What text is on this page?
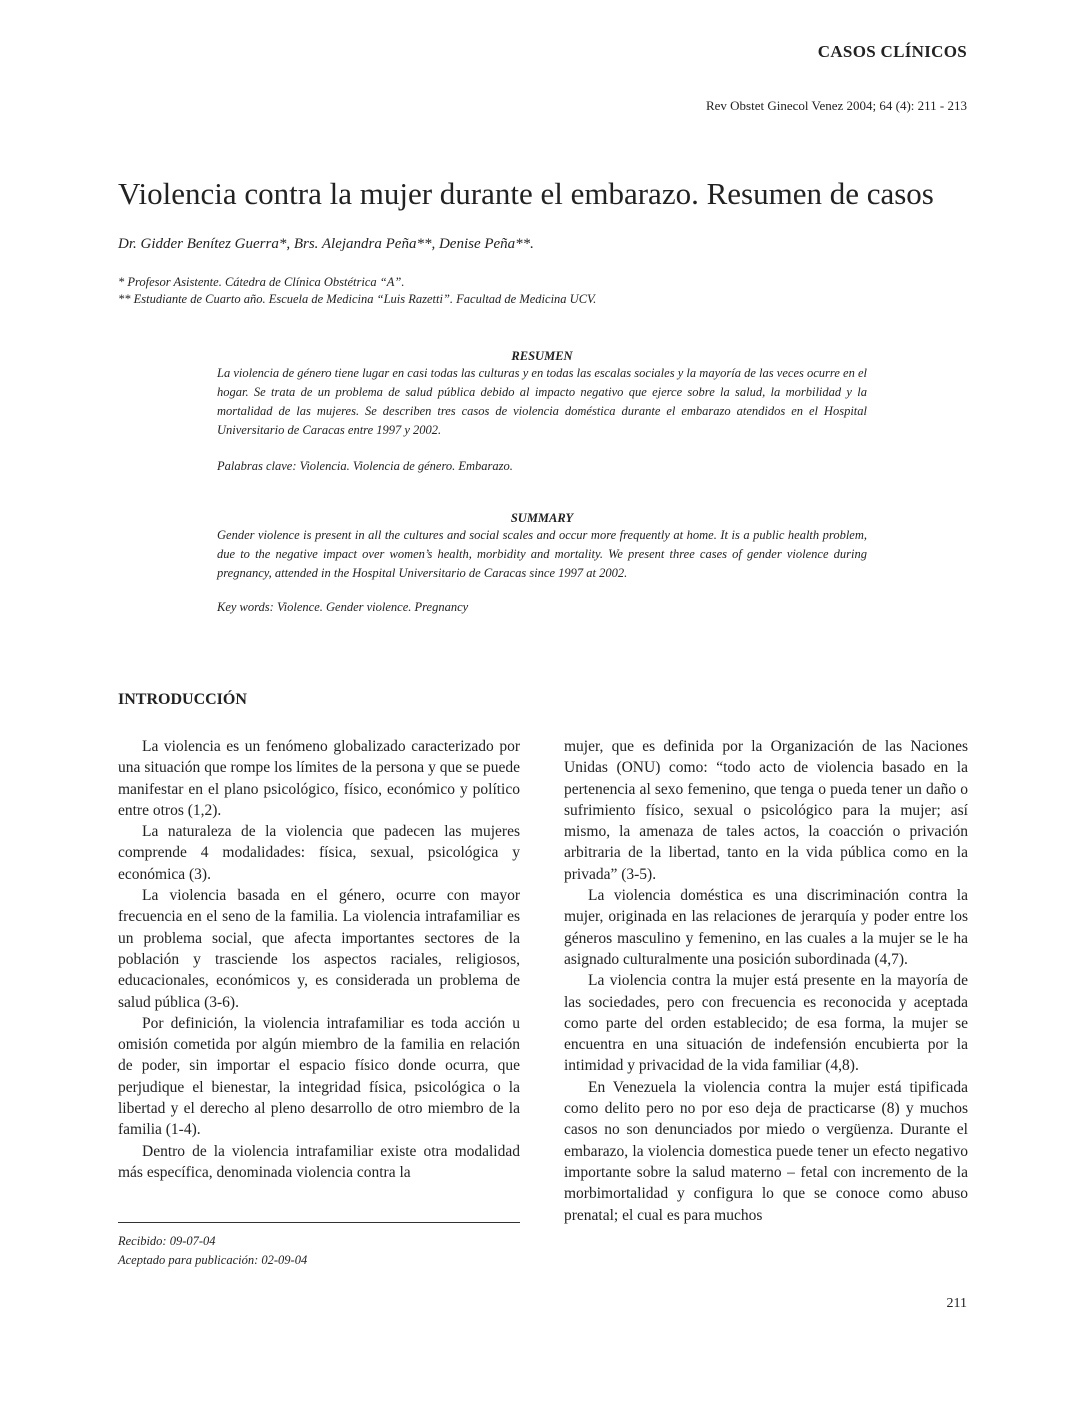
CASOS CLÍNICOS
Rev Obstet Ginecol Venez 2004; 64 (4): 211 - 213
Violencia contra la mujer durante el embarazo. Resumen de casos
Dr. Gidder Benítez Guerra*, Brs. Alejandra Peña**, Denise Peña**.
* Profesor Asistente. Cátedra de Clínica Obstétrica “A”.
** Estudiante de Cuarto año. Escuela de Medicina “Luis Razetti”. Facultad de Medicina UCV.
RESUMEN

La violencia de género tiene lugar en casi todas las culturas y en todas las escalas sociales y la mayoría de las veces ocurre en el hogar. Se trata de un problema de salud pública debido al impacto negativo que ejerce sobre la salud, la morbilidad y la mortalidad de las mujeres. Se describen tres casos de violencia doméstica durante el embarazo atendidos en el Hospital Universitario de Caracas entre 1997 y 2002.

Palabras clave: Violencia. Violencia de género. Embarazo.
SUMMARY

Gender violence is present in all the cultures and social scales and occur more frequently at home. It is a public health problem, due to the negative impact over women’s health, morbidity and mortality. We present three cases of gender violence during pregnancy, attended in the Hospital Universitario de Caracas since 1997 at 2002.

Key words: Violence. Gender violence. Pregnancy
INTRODUCCIÓN

La violencia es un fenómeno globalizado caracterizado por una situación que rompe los límites de la persona y que se puede manifestar en el plano psicológico, físico, económico y político entre otros (1,2).

La naturaleza de la violencia que padecen las mujeres comprende 4 modalidades: física, sexual, psicológica y económica (3).

La violencia basada en el género, ocurre con mayor frecuencia en el seno de la familia. La violencia intrafamiliar es un problema social, que afecta importantes sectores de la población y trasciende los aspectos raciales, religiosos, educacionales, económicos y, es considerada un problema de salud pública (3-6).

Por definición, la violencia intrafamiliar es toda acción u omisión cometida por algún miembro de la familia en relación de poder, sin importar el espacio físico donde ocurra, que perjudique el bienestar, la integridad física, psicológica o la libertad y el derecho al pleno desarrollo de otro miembro de la familia (1-4).

Dentro de la violencia intrafamiliar existe otra modalidad más específica, denominada violencia contra la

mujer, que es definida por la Organización de las Naciones Unidas (ONU) como: “todo acto de violencia basado en la pertenencia al sexo femenino, que tenga o pueda tener un daño o sufrimiento físico, sexual o psicológico para la mujer; así mismo, la amenaza de tales actos, la coacción o privación arbitraria de la libertad, tanto en la vida pública como en la privada” (3-5).

La violencia doméstica es una discriminación contra la mujer, originada en las relaciones de jerarquía y poder entre los géneros masculino y femenino, en las cuales a la mujer se le ha asignado culturalmente una posición subordinada (4,7).

La violencia contra la mujer está presente en la mayoría de las sociedades, pero con frecuencia es reconocida y aceptada como parte del orden establecido; de esa forma, la mujer se encuentra en una situación de indefensión encubierta por la intimidad y privacidad de la vida familiar (4,8).

En Venezuela la violencia contra la mujer está tipificada como delito pero no por eso deja de practicarse (8) y muchos casos no son denunciados por miedo o vergüenza. Durante el embarazo, la violencia domestica puede tener un efecto negativo importante sobre la salud materno – fetal con incremento de la morbimortalidad y configura lo que se conoce como abuso prenatal; el cual es para muchos

Recibido: 09-07-04
Aceptado para publicación: 02-09-04
211
